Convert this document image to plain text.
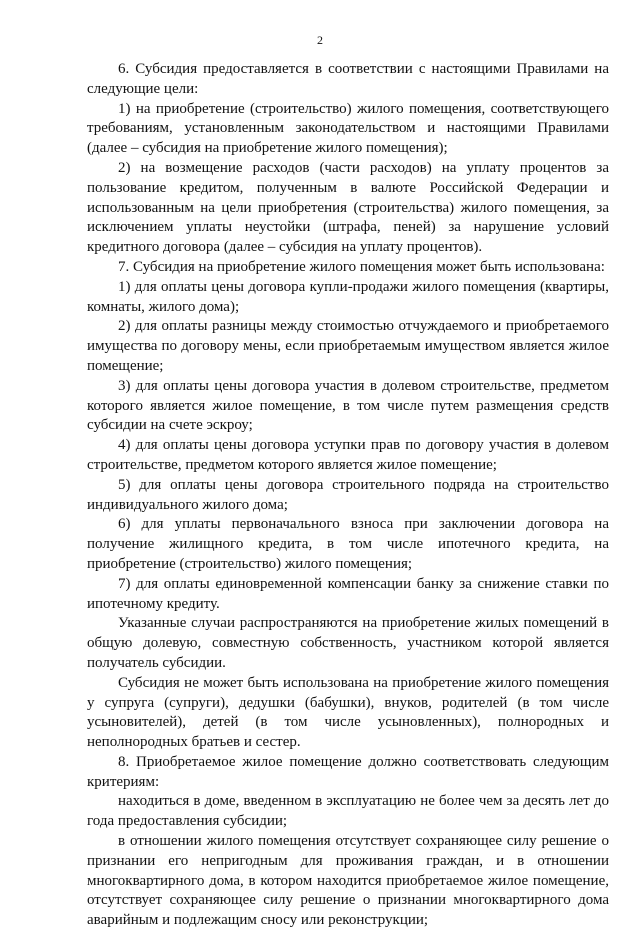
2

6. Субсидия предоставляется в соответствии с настоящими Правилами на следующие цели:

1) на приобретение (строительство) жилого помещения, соответствующего требованиям, установленным законодательством и настоящими Правилами (далее – субсидия на приобретение жилого помещения);

2) на возмещение расходов (части расходов) на уплату процентов за пользование кредитом, полученным в валюте Российской Федерации и использованным на цели приобретения (строительства) жилого помещения, за исключением уплаты неустойки (штрафа, пеней) за нарушение условий кредитного договора (далее – субсидия на уплату процентов).

7. Субсидия на приобретение жилого помещения может быть использована:

1) для оплаты цены договора купли-продажи жилого помещения (квартиры, комнаты, жилого дома);

2) для оплаты разницы между стоимостью отчуждаемого и приобретаемого имущества по договору мены, если приобретаемым имуществом является жилое помещение;

3) для оплаты цены договора участия в долевом строительстве, предметом которого является жилое помещение, в том числе путем размещения средств субсидии на счете эскроу;

4) для оплаты цены договора уступки прав по договору участия в долевом строительстве, предметом которого является жилое помещение;

5) для оплаты цены договора строительного подряда на строительство индивидуального жилого дома;

6) для уплаты первоначального взноса при заключении договора на получение жилищного кредита, в том числе ипотечного кредита, на приобретение (строительство) жилого помещения;

7) для оплаты единовременной компенсации банку за снижение ставки по ипотечному кредиту.

Указанные случаи распространяются на приобретение жилых помещений в общую долевую, совместную собственность, участником которой является получатель субсидии.

Субсидия не может быть использована на приобретение жилого помещения у супруга (супруги), дедушки (бабушки), внуков, родителей (в том числе усыновителей), детей (в том числе усыновленных), полнородных и неполнородных братьев и сестер.

8. Приобретаемое жилое помещение должно соответствовать следующим критериям:

находиться в доме, введенном в эксплуатацию не более чем за десять лет до года предоставления субсидии;

в отношении жилого помещения отсутствует сохраняющее силу решение о признании его непригодным для проживания граждан, и в отношении многоквартирного дома, в котором находится приобретаемое жилое помещение, отсутствует сохраняющее силу решение о признании многоквартирного дома аварийным и подлежащим сносу или реконструкции;
